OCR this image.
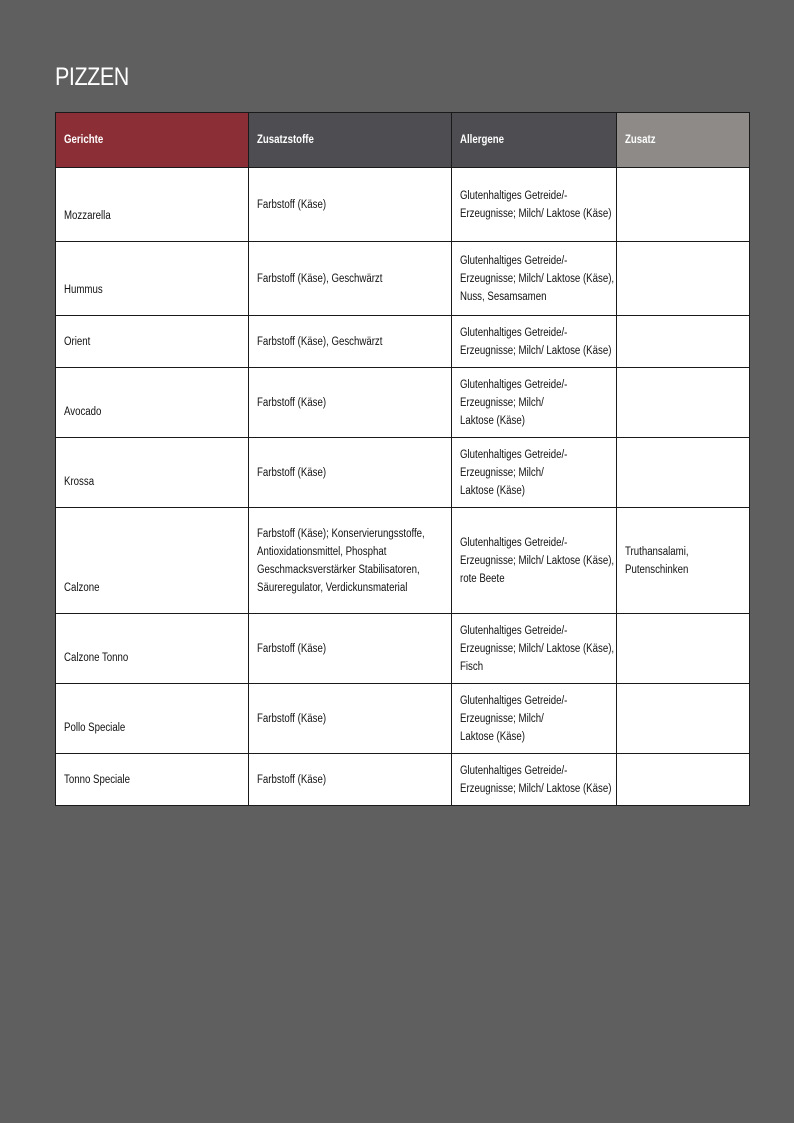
PIZZEN
Gerichte	Zusatzstoffe	Allergene	Zusatz
Mozzarella	Farbstoff (Käse)	Glutenhaltiges Getreide/-
Erzeugnisse; Milch/ Laktose (Käse)	

Hummus	Farbstoff (Käse), Geschwärzt	Glutenhaltiges Getreide/-
Erzeugnisse; Milch/ Laktose (Käse),
Nuss, Sesamsamen	

Orient	Farbstoff (Käse), Geschwärzt	Glutenhaltiges Getreide/-
Erzeugnisse; Milch/ Laktose (Käse)	

Avocado	Farbstoff (Käse)	Glutenhaltiges Getreide/-
Erzeugnisse; Milch/
Laktose (Käse)	

Krossa	Farbstoff (Käse)	Glutenhaltiges Getreide/-
Erzeugnisse; Milch/
Laktose (Käse)	

Calzone	Farbstoff (Käse); Konservierungsstoffe,
Antioxidationsmittel, Phosphat
Geschmacksverstärker Stabilisatoren,
Säureregulator, Verdickunsmaterial	Glutenhaltiges Getreide/-
Erzeugnisse; Milch/ Laktose (Käse),
rote Beete	Truthansalami,
Putenschinken

Calzone Tonno	Farbstoff (Käse)	Glutenhaltiges Getreide/-
Erzeugnisse; Milch/ Laktose (Käse),
Fisch	

Pollo Speciale	Farbstoff (Käse)	Glutenhaltiges Getreide/-
Erzeugnisse; Milch/
Laktose (Käse)	

Tonno Speciale	Farbstoff (Käse)	Glutenhaltiges Getreide/-
Erzeugnisse; Milch/ Laktose (Käse)	
